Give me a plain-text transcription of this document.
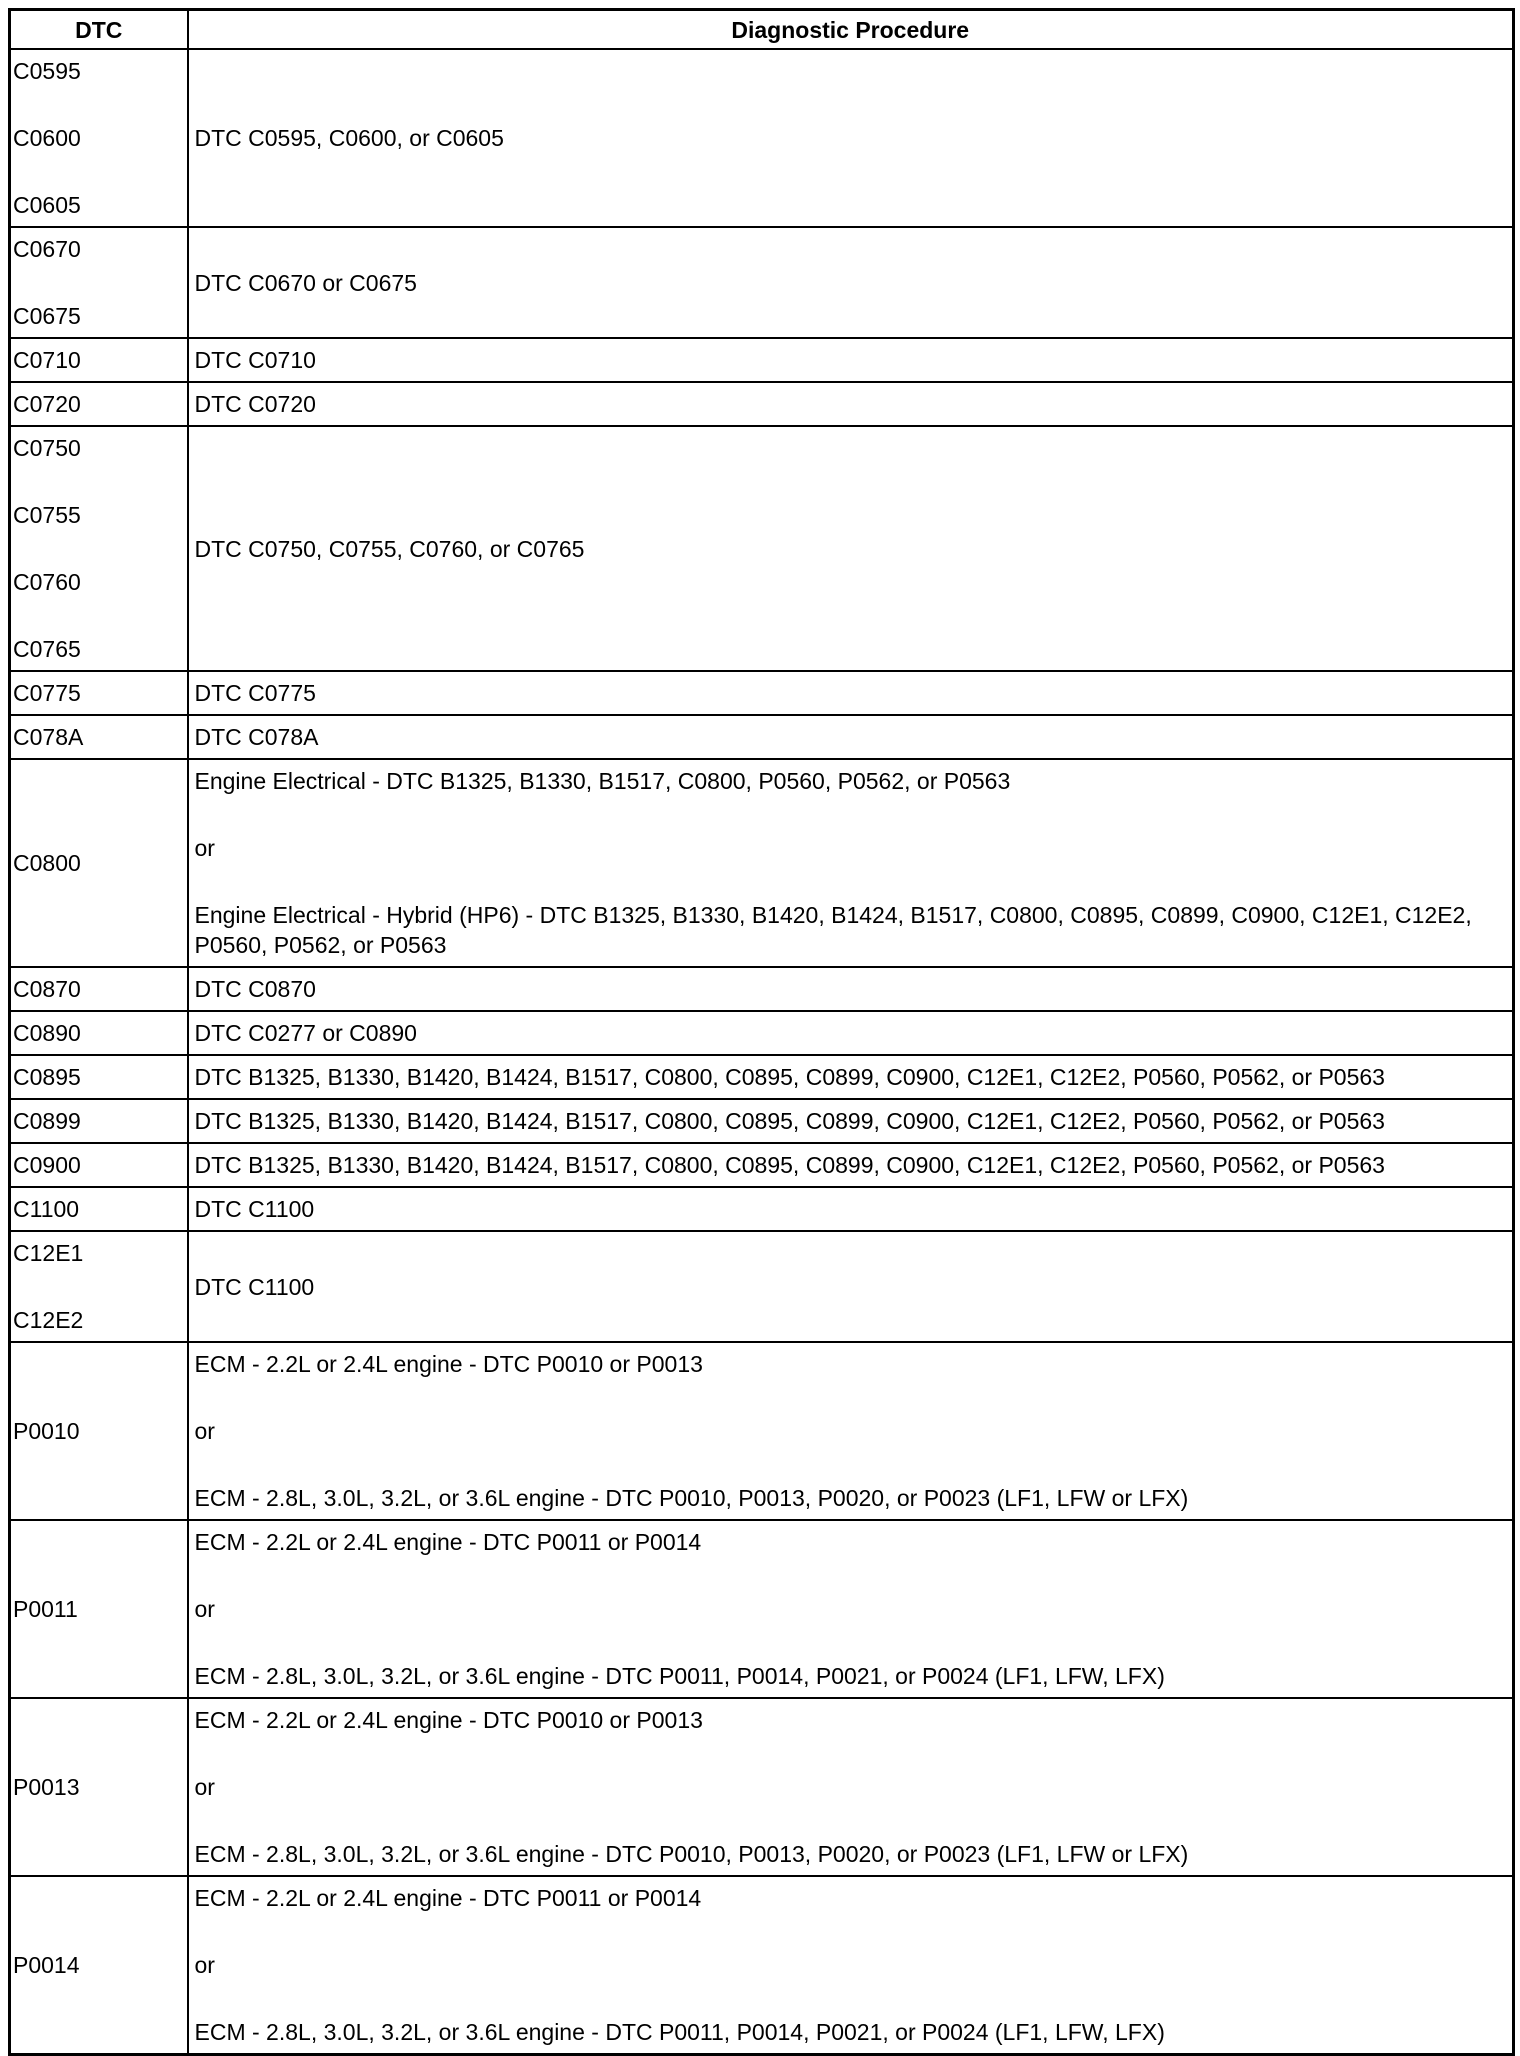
DTC	Diagnostic Procedure

C0595
C0600
C0605	DTC C0595, C0600, or C0605

C0670
C0675	DTC C0670 or C0675

C0710	DTC C0710

C0720	DTC C0720

C0750
C0755
C0760
C0765	DTC C0750, C0755, C0760, or C0765

C0775	DTC C0775

C078A	DTC C078A

C0800	Engine Electrical - DTC B1325, B1330, B1517, C0800, P0560, P0562, or P0563
or
Engine Electrical - Hybrid (HP6) - DTC B1325, B1330, B1420, B1424, B1517, C0800, C0895, C0899, C0900, C12E1, C12E2, P0560, P0562, or P0563

C0870	DTC C0870

C0890	DTC C0277 or C0890

C0895	DTC B1325, B1330, B1420, B1424, B1517, C0800, C0895, C0899, C0900, C12E1, C12E2, P0560, P0562, or P0563

C0899	DTC B1325, B1330, B1420, B1424, B1517, C0800, C0895, C0899, C0900, C12E1, C12E2, P0560, P0562, or P0563

C0900	DTC B1325, B1330, B1420, B1424, B1517, C0800, C0895, C0899, C0900, C12E1, C12E2, P0560, P0562, or P0563

C1100	DTC C1100

C12E1
C12E2	DTC C1100

P0010	ECM - 2.2L or 2.4L engine - DTC P0010 or P0013
or
ECM - 2.8L, 3.0L, 3.2L, or 3.6L engine - DTC P0010, P0013, P0020, or P0023 (LF1, LFW or LFX)

P0011	ECM - 2.2L or 2.4L engine - DTC P0011 or P0014
or
ECM - 2.8L, 3.0L, 3.2L, or 3.6L engine - DTC P0011, P0014, P0021, or P0024 (LF1, LFW, LFX)

P0013	ECM - 2.2L or 2.4L engine - DTC P0010 or P0013
or
ECM - 2.8L, 3.0L, 3.2L, or 3.6L engine - DTC P0010, P0013, P0020, or P0023 (LF1, LFW or LFX)

P0014	ECM - 2.2L or 2.4L engine - DTC P0011 or P0014
or
ECM - 2.8L, 3.0L, 3.2L, or 3.6L engine - DTC P0011, P0014, P0021, or P0024 (LF1, LFW, LFX)
